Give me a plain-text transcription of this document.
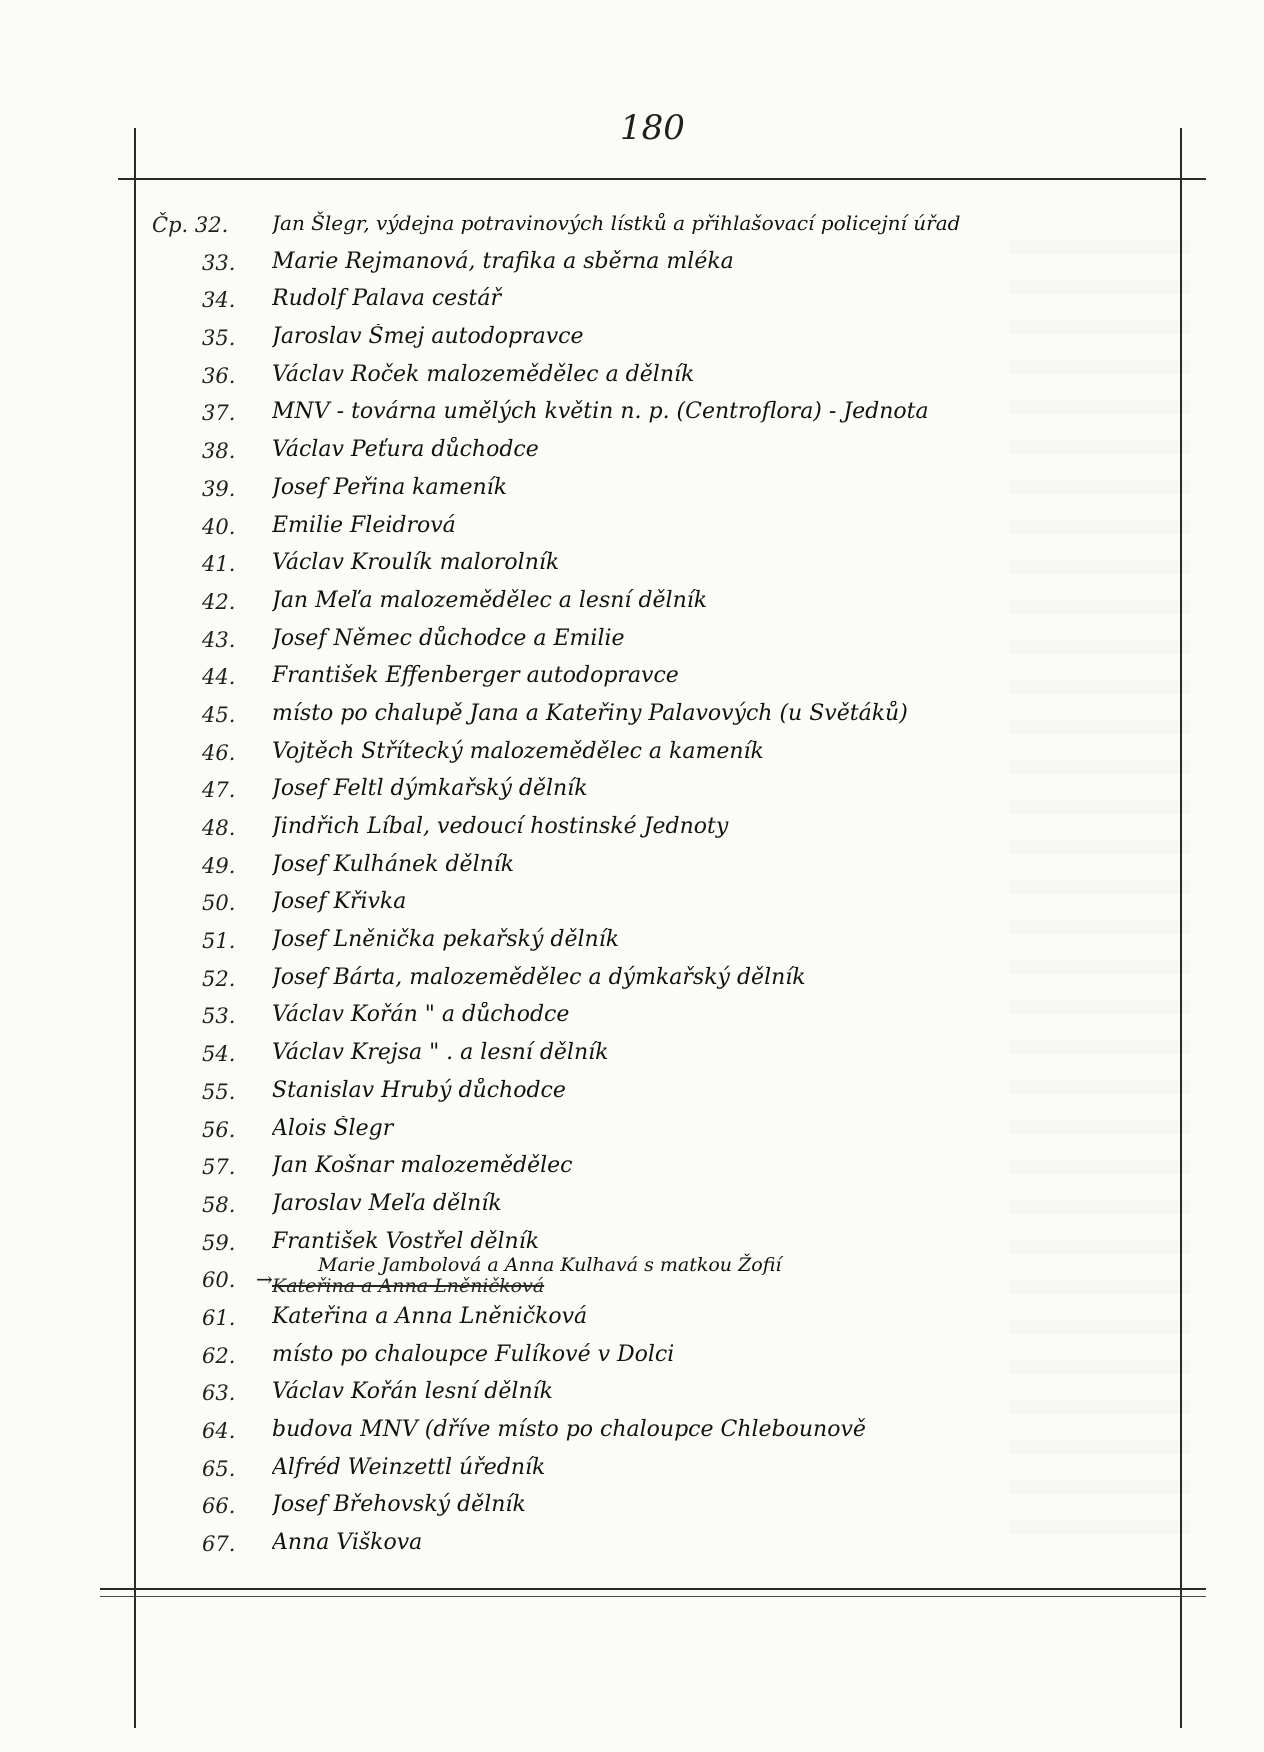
180
Čp. 32.	Jan Šlegr, výdejna potravinových lístků a přihlašovací policejní úřad
33.	Marie Rejmanová, trafika a sběrna mléka
34.	Rudolf Palava cestář
35.	Jaroslav Šmej autodopravce
36.	Václav Roček malozemědělec a dělník
37.	MNV - továrna umělých květin n. p. (Centroflora) - Jednota
38.	Václav Peťura důchodce
39.	Josef Peřina kameník
40.	Emilie Fleidrová
41.	Václav Kroulík malorolník
42.	Jan Meľa malozemědělec a lesní dělník
43.	Josef Němec důchodce a Emilie
44.	František Effenberger autodopravce
45.	místo po chalupě Jana a Kateřiny Palavových (u Světáků)
46.	Vojtěch Střítecký malozemědělec a kameník
47.	Josef Feltl dýmkařský dělník
48.	Jindřich Líbal, vedoucí hostinské Jednoty
49.	Josef Kulhánek dělník
50.	Josef Křivka
51.	Josef Lněnička pekařský dělník
52.	Josef Bárta, malozemědělec a dýmkařský dělník
53.	Václav Kořán " a důchodce
54.	Václav Krejsa " . a lesní dělník
55.	Stanislav Hrubý důchodce
56.	Alois Šlegr
57.	Jan Košnar malozemědělec
58.	Jaroslav Meľa dělník
59.	František Vostřel dělník
60.	→
Marie Jambolová a Anna Kulhavá s matkou Žofií
Kateřina a Anna Lněničková
61.	Kateřina a Anna Lněničková
62.	místo po chaloupce Fulíkové v Dolci
63.	Václav Kořán lesní dělník
64.	budova MNV (dříve místo po chaloupce Chlebounově
65.	Alfréd Weinzettl úředník
66.	Josef Břehovský dělník
67.	Anna Viškova
